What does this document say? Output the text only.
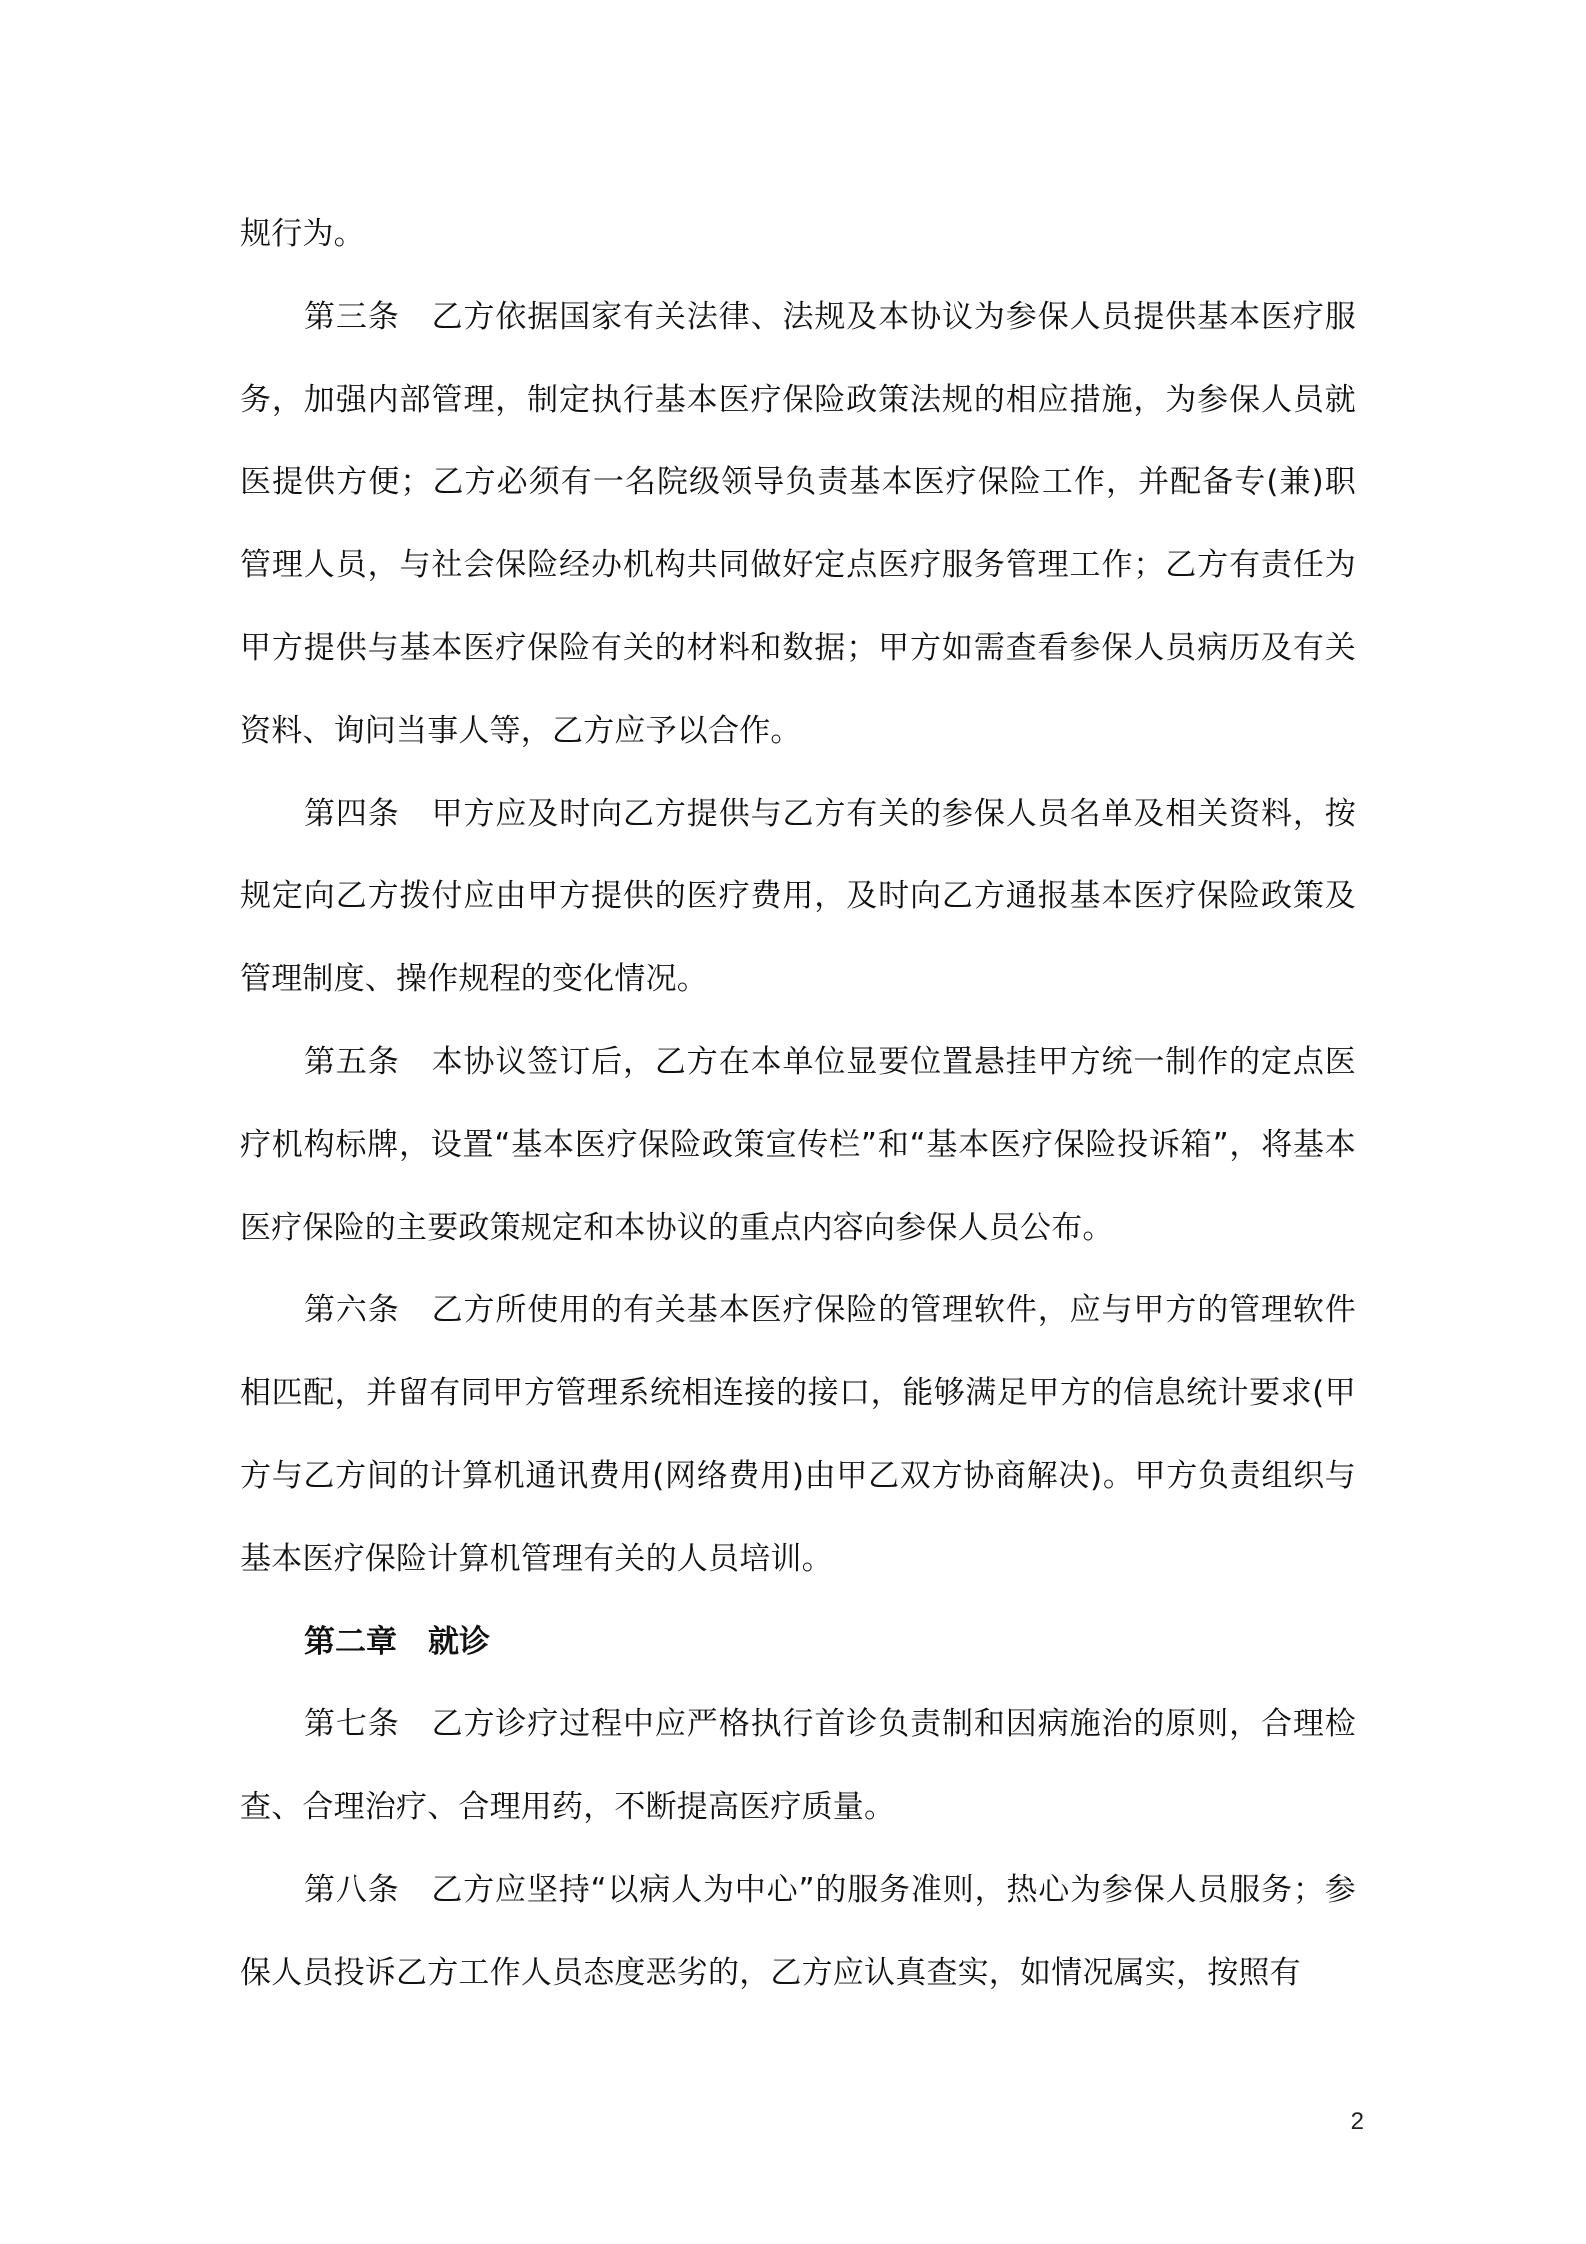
规行为。

第三条　乙方依据国家有关法律、法规及本协议为参保人员提供基本医疗服务，加强内部管理，制定执行基本医疗保险政策法规的相应措施，为参保人员就医提供方便；乙方必须有一名院级领导负责基本医疗保险工作，并配备专(兼)职管理人员，与社会保险经办机构共同做好定点医疗服务管理工作；乙方有责任为甲方提供与基本医疗保险有关的材料和数据；甲方如需查看参保人员病历及有关资料、询问当事人等，乙方应予以合作。

第四条　甲方应及时向乙方提供与乙方有关的参保人员名单及相关资料，按规定向乙方拨付应由甲方提供的医疗费用，及时向乙方通报基本医疗保险政策及管理制度、操作规程的变化情况。

第五条　本协议签订后，乙方在本单位显要位置悬挂甲方统一制作的定点医疗机构标牌，设置“基本医疗保险政策宣传栏”和“基本医疗保险投诉箱”，将基本医疗保险的主要政策规定和本协议的重点内容向参保人员公布。

第六条　乙方所使用的有关基本医疗保险的管理软件，应与甲方的管理软件相匹配，并留有同甲方管理系统相连接的接口，能够满足甲方的信息统计要求(甲方与乙方间的计算机通讯费用(网络费用)由甲乙双方协商解决)。甲方负责组织与基本医疗保险计算机管理有关的人员培训。

第二章　 就诊

第七条　乙方诊疗过程中应严格执行首诊负责制和因病施治的原则，合理检查、合理治疗、合理用药，不断提高医疗质量。

第八条　乙方应坚持“以病人为中心”的服务准则，热心为参保人员服务；参保人员投诉乙方工作人员态度恶劣的，乙方应认真查实，如情况属实，按照有

2
